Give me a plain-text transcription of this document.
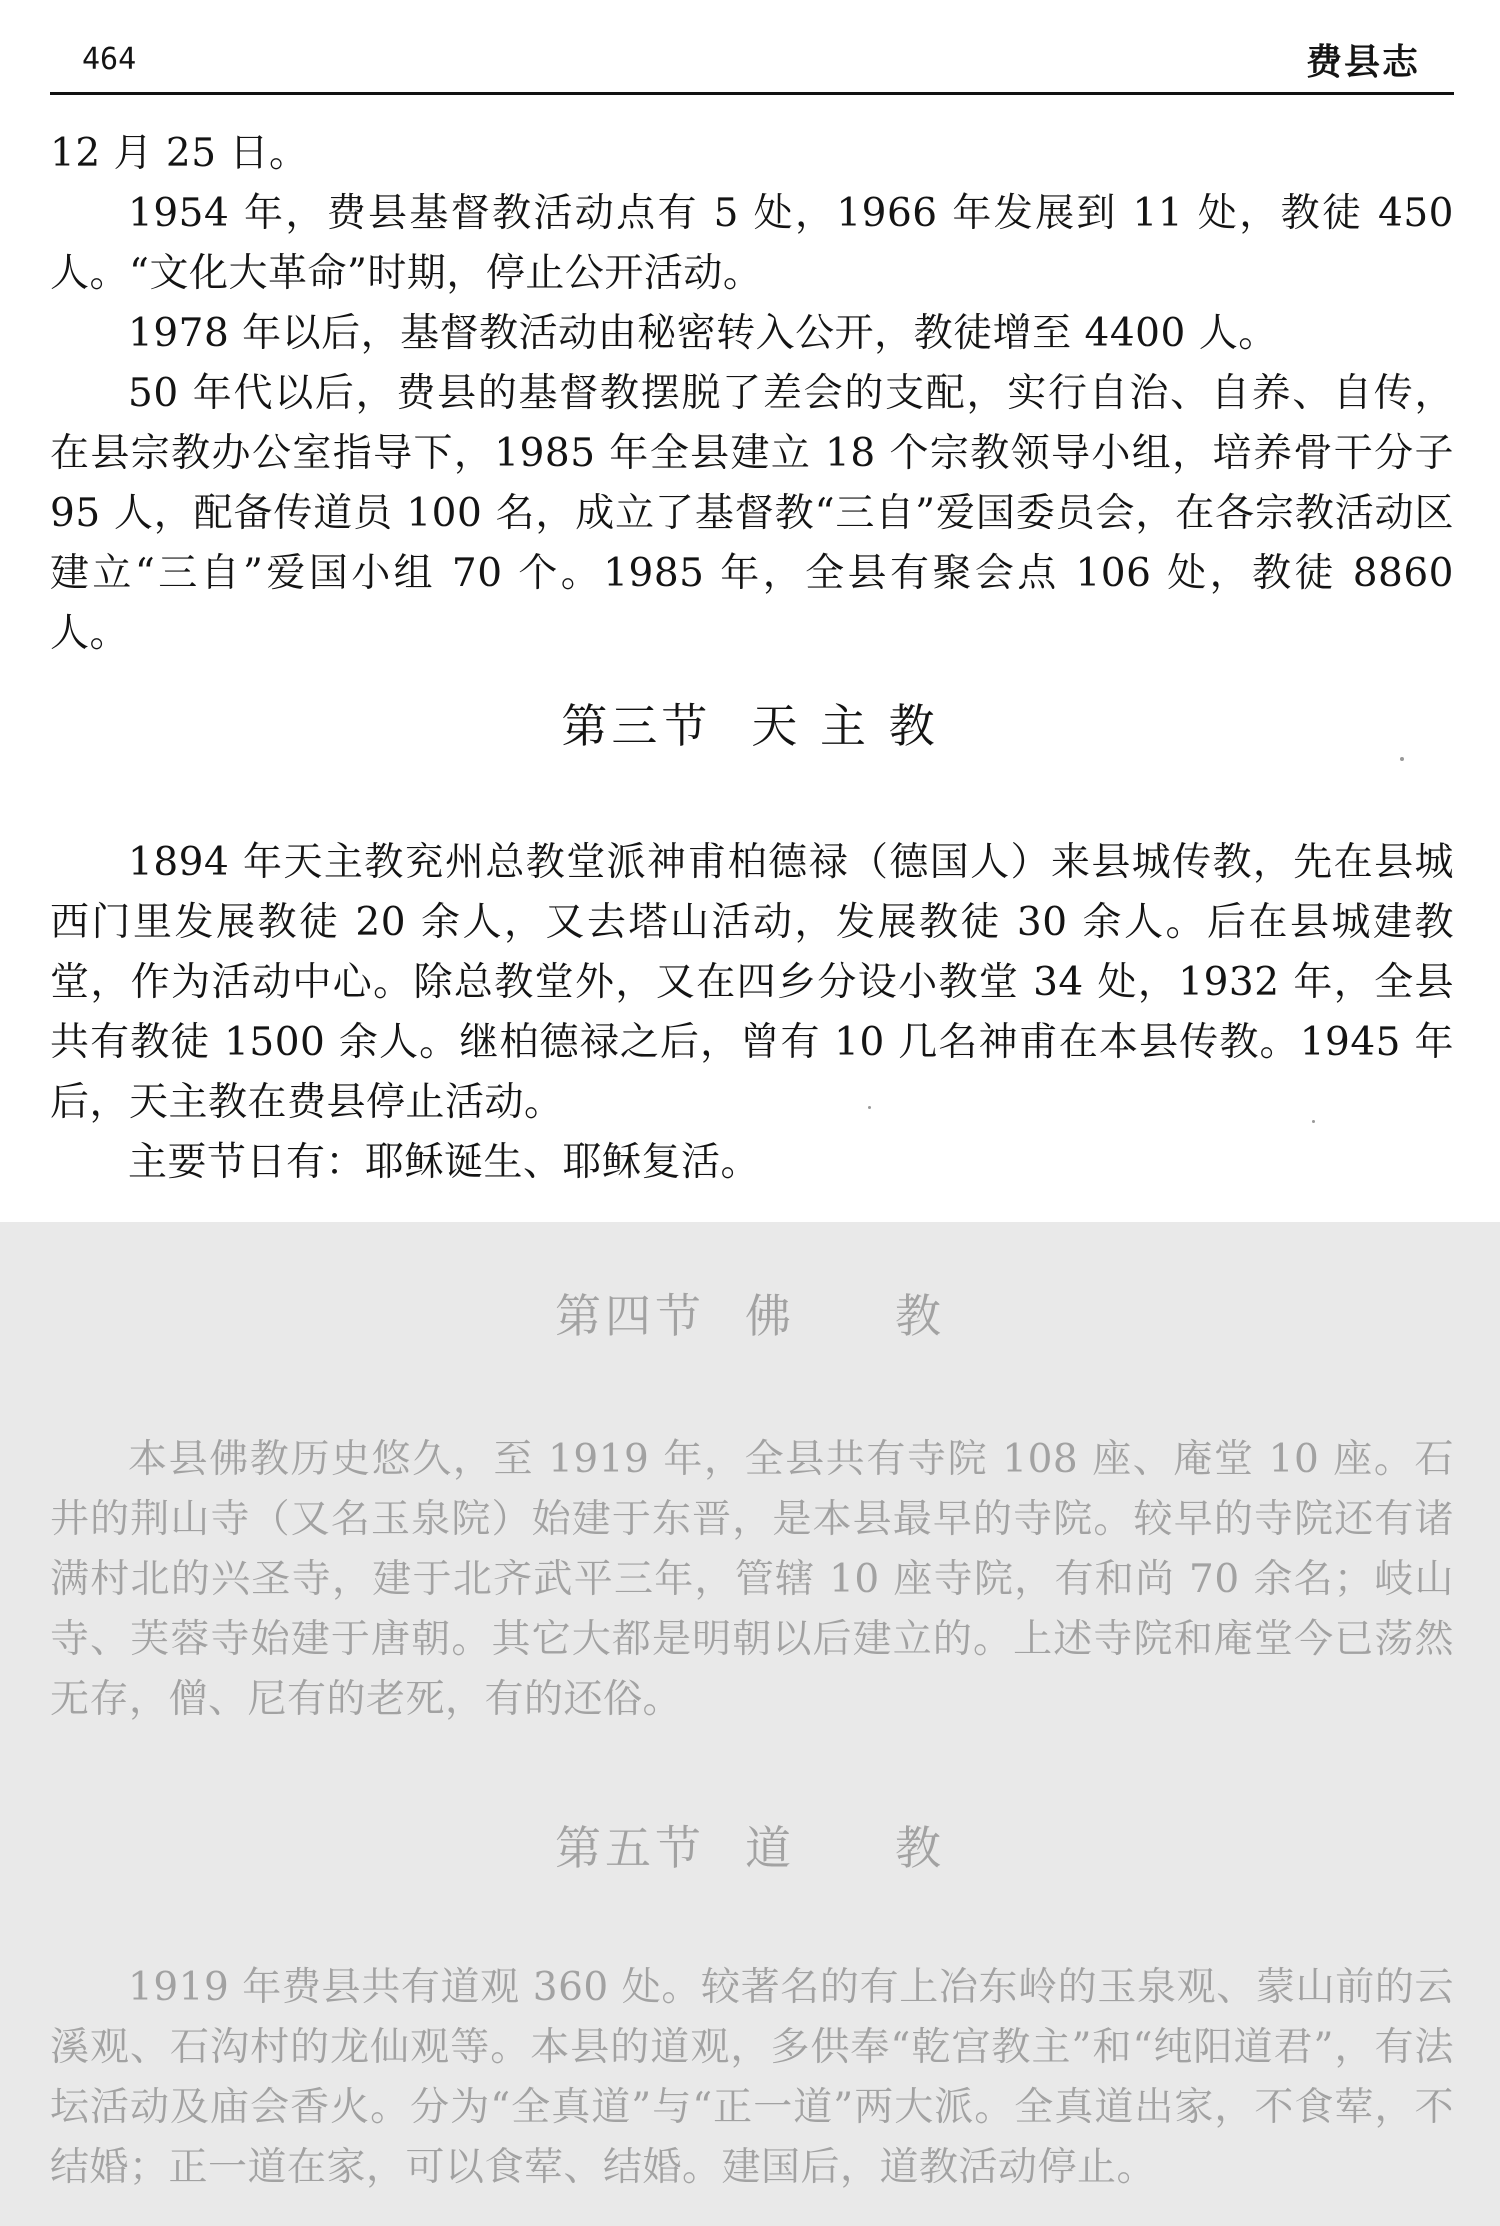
464	费县志

12 月 25 日。

1954 年，费县基督教活动点有 5 处，1966 年发展到 11 处，教徒 450 人。“文化大革命”时期，停止公开活动。

1978 年以后，基督教活动由秘密转入公开，教徒增至 4400 人。

50 年代以后，费县的基督教摆脱了差会的支配，实行自治、自养、自传，在县宗教办公室指导下，1985 年全县建立 18 个宗教领导小组，培养骨干分子 95 人，配备传道员 100 名，成立了基督教“三自”爱国委员会，在各宗教活动区建立“三自”爱国小组 70 个。1985 年，全县有聚会点 106 处，教徒 8860 人。

第三节 天 主 教

1894 年天主教兖州总教堂派神甫柏德禄（德国人）来县城传教，先在县城西门里发展教徒 20 余人，又去塔山活动，发展教徒 30 余人。后在县城建教堂，作为活动中心。除总教堂外，又在四乡分设小教堂 34 处，1932 年，全县共有教徒 1500 余人。继柏德禄之后，曾有 10 几名神甫在本县传教。1945 年后，天主教在费县停止活动。

主要节日有：耶稣诞生、耶稣复活。

第四节 佛　　教

本县佛教历史悠久，至 1919 年，全县共有寺院 108 座、庵堂 10 座。石井的荆山寺（又名玉泉院）始建于东晋，是本县最早的寺院。较早的寺院还有诸满村北的兴圣寺，建于北齐武平三年，管辖 10 座寺院，有和尚 70 余名；岐山寺、芙蓉寺始建于唐朝。其它大都是明朝以后建立的。上述寺院和庵堂今已荡然无存，僧、尼有的老死，有的还俗。

第五节 道　　教

1919 年费县共有道观 360 处。较著名的有上冶东岭的玉泉观、蒙山前的云溪观、石沟村的龙仙观等。本县的道观，多供奉“乾宫教主”和“纯阳道君”，有法坛活动及庙会香火。分为“全真道”与“正一道”两大派。全真道出家，不食荤，不结婚；正一道在家，可以食荤、结婚。建国后，道教活动停止。
